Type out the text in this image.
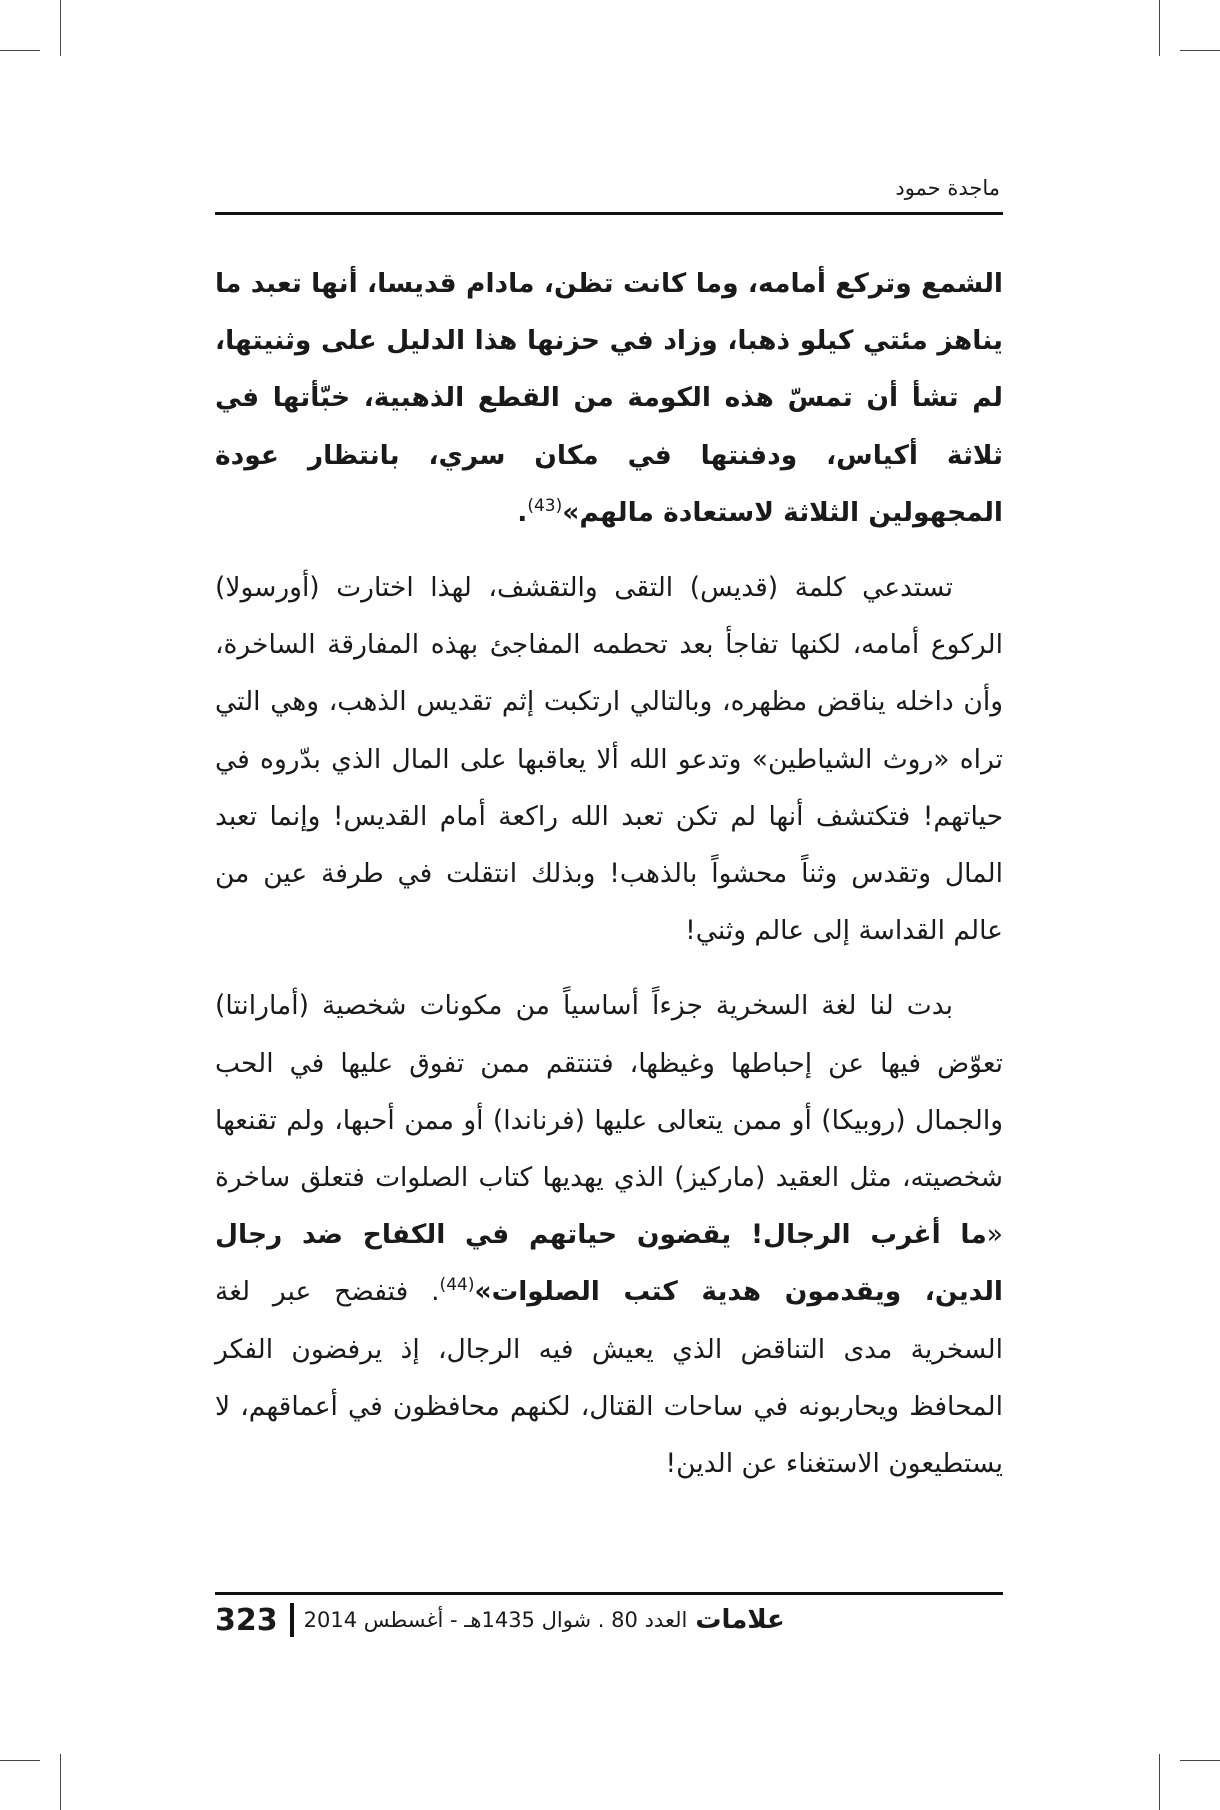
ماجدة حمود

الشمع وتركع أمامه، وما كانت تظن، مادام قديسا، أنها تعبد ما يناهز مئتي كيلو ذهبا، وزاد في حزنها هذا الدليل على وثنيتها، لم تشأ أن تمسّ هذه الكومة من القطع الذهبية، خبّأتها في ثلاثة أكياس، ودفنتها في مكان سري، بانتظار عودة المجهولين الثلاثة لاستعادة مالهم»$^{(43)}$.

تستدعي كلمة (قديس) التقى والتقشف، لهذا اختارت (أورسولا) الركوع أمامه، لكنها تفاجأ بعد تحطمه المفاجئ بهذه المفارقة الساخرة، وأن داخله يناقض مظهره، وبالتالي ارتكبت إثم تقديس الذهب، وهي التي تراه «روث الشياطين» وتدعو الله ألا يعاقبها على المال الذي بدّروه في حياتهم! فتكتشف أنها لم تكن تعبد الله راكعة أمام القديس! وإنما تعبد المال وتقدس وثناً محشواً بالذهب! وبذلك انتقلت في طرفة عين من عالم القداسة إلى عالم وثني!

بدت لنا لغة السخرية جزءاً أساسياً من مكونات شخصية (أمارانتا) تعوّض فيها عن إحباطها وغيظها، فتنتقم ممن تفوق عليها في الحب والجمال (روبيكا) أو ممن يتعالى عليها (فرناندا) أو ممن أحبها، ولم تقنعها شخصيته، مثل العقيد (ماركيز) الذي يهديها كتاب الصلوات فتعلق ساخرة «ما أغرب الرجال! يقضون حياتهم في الكفاح ضد رجال الدين، ويقدمون هدية كتب الصلوات»$^{(44)}$. فتفضح عبر لغة السخرية مدى التناقض الذي يعيش فيه الرجال، إذ يرفضون الفكر المحافظ ويحاربونه في ساحات القتال، لكنهم محافظون في أعماقهم، لا يستطيعون الاستغناء عن الدين!

323 العدد 80 . شوال 1435هـ - أغسطس 2014 علامات
